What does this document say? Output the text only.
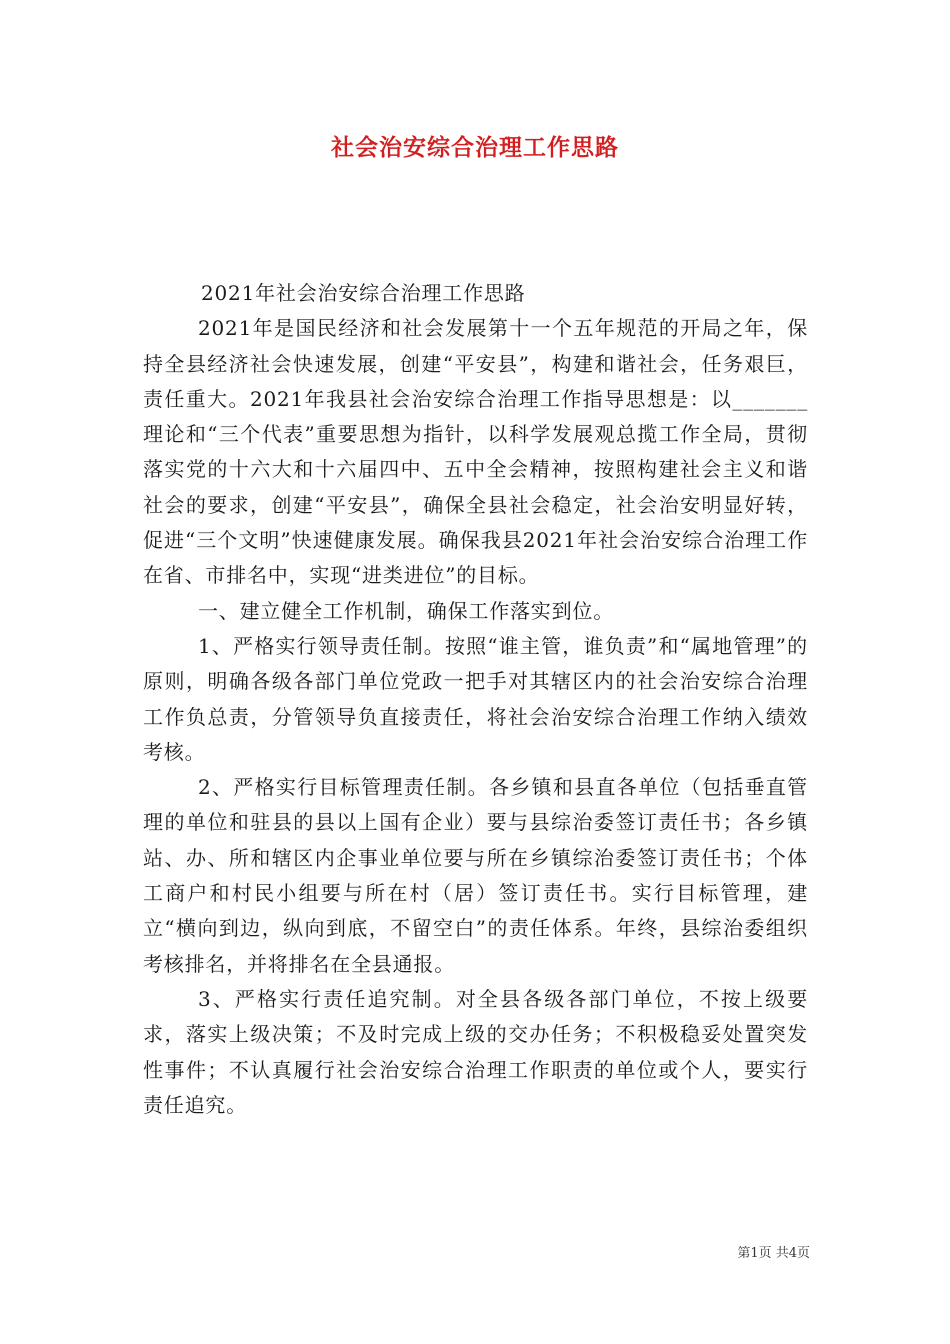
社会治安综合治理工作思路

2021年社会治安综合治理工作思路

2021年是国民经济和社会发展第十一个五年规范的开局之年，保持全县经济社会快速发展，创建“平安县”，构建和谐社会，任务艰巨，责任重大。2021年我县社会治安综合治理工作指导思想是：以_______理论和“三个代表”重要思想为指针，以科学发展观总揽工作全局，贯彻落实党的十六大和十六届四中、五中全会精神，按照构建社会主义和谐社会的要求，创建“平安县”，确保全县社会稳定，社会治安明显好转，促进“三个文明”快速健康发展。确保我县2021年社会治安综合治理工作在省、市排名中，实现“进类进位”的目标。

一、建立健全工作机制，确保工作落实到位。

1、严格实行领导责任制。按照“谁主管，谁负责”和“属地管理”的原则，明确各级各部门单位党政一把手对其辖区内的社会治安综合治理工作负总责，分管领导负直接责任，将社会治安综合治理工作纳入绩效考核。

2、严格实行目标管理责任制。各乡镇和县直各单位（包括垂直管理的单位和驻县的县以上国有企业）要与县综治委签订责任书；各乡镇站、办、所和辖区内企事业单位要与所在乡镇综治委签订责任书；个体工商户和村民小组要与所在村（居）签订责任书。实行目标管理，建立“横向到边，纵向到底，不留空白”的责任体系。年终，县综治委组织考核排名，并将排名在全县通报。

3、严格实行责任追究制。对全县各级各部门单位，不按上级要求，落实上级决策；不及时完成上级的交办任务；不积极稳妥处置突发性事件；不认真履行社会治安综合治理工作职责的单位或个人，要实行责任追究。

第1页 共4页
